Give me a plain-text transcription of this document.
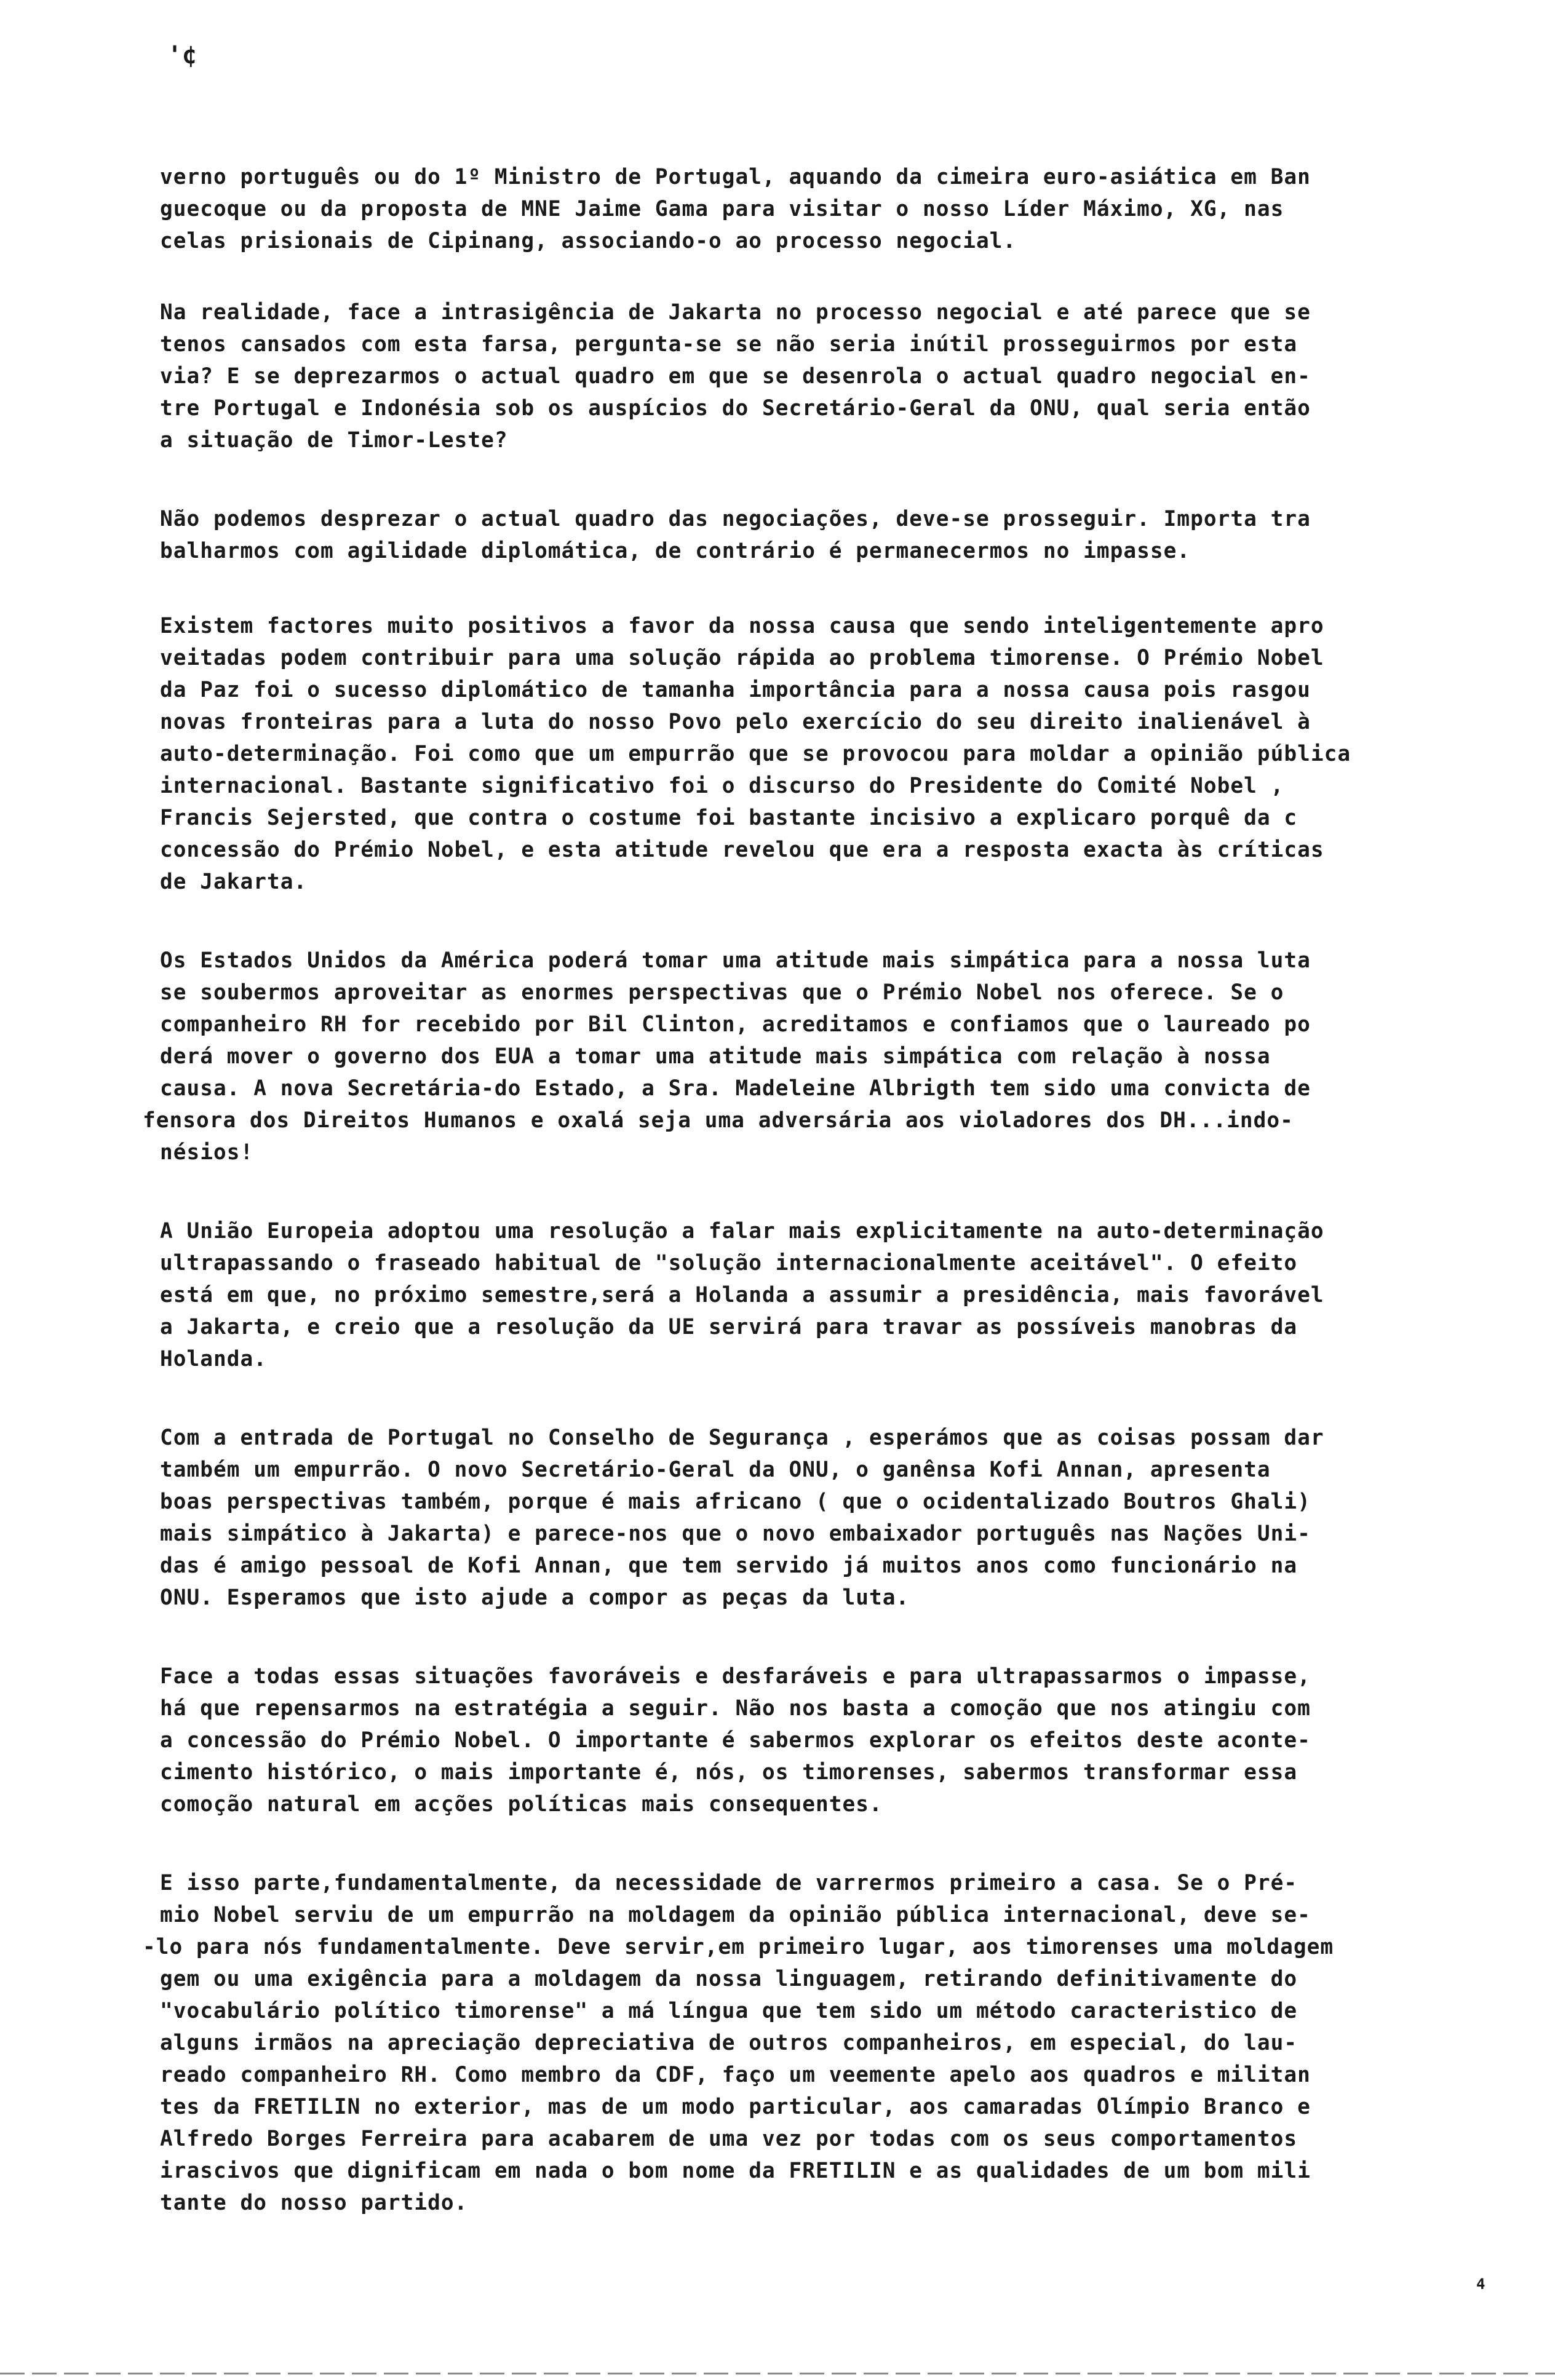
'¢

verno português ou do 1º Ministro de Portugal, aquando da cimeira euro-asiática em Ban
guecoque ou da proposta de MNE Jaime Gama para visitar o nosso Líder Máximo, XG, nas
celas prisionais de Cipinang, associando-o ao processo negocial.

Na realidade, face a intrasigência de Jakarta no processo negocial e até parece que se
tenos cansados com esta farsa, pergunta-se se não seria inútil prosseguirmos por esta
via? E se deprezarmos o actual quadro em que se desenrola o actual quadro negocial en-
tre Portugal e Indonésia sob os auspícios do Secretário-Geral da ONU, qual seria então
a situação de Timor-Leste?

Não podemos desprezar o actual quadro das negociações, deve-se prosseguir. Importa tra
balharmos com agilidade diplomática, de contrário é permanecermos no impasse.

Existem factores muito positivos a favor da nossa causa que sendo inteligentemente apro
veitadas podem contribuir para uma solução rápida ao problema timorense. O Prémio Nobel
da Paz foi o sucesso diplomático de tamanha importância para a nossa causa pois rasgou
novas fronteiras para a luta do nosso Povo pelo exercício do seu direito inalienável à
auto-determinação. Foi como que um empurrão que se provocou para moldar a opinião pública
internacional. Bastante significativo foi o discurso do Presidente do Comité Nobel ,
Francis Sejersted, que contra o costume foi bastante incisivo a explicaro porquê da c
concessão do Prémio Nobel, e esta atitude revelou que era a resposta exacta às críticas
de Jakarta.

Os Estados Unidos da América poderá tomar uma atitude mais simpática para a nossa luta
se soubermos aproveitar as enormes perspectivas que o Prémio Nobel nos oferece. Se o
companheiro RH for recebido por Bil Clinton, acreditamos e confiamos que o laureado po
derá mover o governo dos EUA a tomar uma atitude mais simpática com relação à nossa
causa. A nova Secretária-do Estado, a Sra. Madeleine Albrigth tem sido uma convicta de
fensora dos Direitos Humanos e oxalá seja uma adversária aos violadores dos DH...indo-
nésios!

A União Europeia adoptou uma resolução a falar mais explicitamente na auto-determinação
ultrapassando o fraseado habitual de "solução internacionalmente aceitável". O efeito
está em que, no próximo semestre,será a Holanda a assumir a presidência, mais favorável
a Jakarta, e creio que a resolução da UE servirá para travar as possíveis manobras da
Holanda.

Com a entrada de Portugal no Conselho de Segurança , esperámos que as coisas possam dar
também um empurrão. O novo Secretário-Geral da ONU, o ganênsa Kofi Annan, apresenta
boas perspectivas também, porque é mais africano ( que o ocidentalizado Boutros Ghali)
mais simpático à Jakarta) e parece-nos que o novo embaixador português nas Nações Uni-
das é amigo pessoal de Kofi Annan, que tem servido já muitos anos como funcionário na
ONU. Esperamos que isto ajude a compor as peças da luta.

Face a todas essas situações favoráveis e desfaráveis e para ultrapassarmos o impasse,
há que repensarmos na estratégia a seguir. Não nos basta a comoção que nos atingiu com
a concessão do Prémio Nobel. O importante é sabermos explorar os efeitos deste aconte-
cimento histórico, o mais importante é, nós, os timorenses, sabermos transformar essa
comoção natural em acções políticas mais consequentes.

E isso parte,fundamentalmente, da necessidade de varrermos primeiro a casa. Se o Pré-
mio Nobel serviu de um empurrão na moldagem da opinião pública internacional, deve se-
-lo para nós fundamentalmente. Deve servir,em primeiro lugar, aos timorenses uma moldagem
gem ou uma exigência para a moldagem da nossa linguagem, retirando definitivamente do
"vocabulário político timorense" a má língua que tem sido um método caracteristico de
alguns irmãos na apreciação depreciativa de outros companheiros, em especial, do lau-
reado companheiro RH. Como membro da CDF, faço um veemente apelo aos quadros e militan
tes da FRETILIN no exterior, mas de um modo particular, aos camaradas Olímpio Branco e
Alfredo Borges Ferreira para acabarem de uma vez por todas com os seus comportamentos
irascivos que dignificam em nada o bom nome da FRETILIN e as qualidades de um bom mili
tante do nosso partido.

4
